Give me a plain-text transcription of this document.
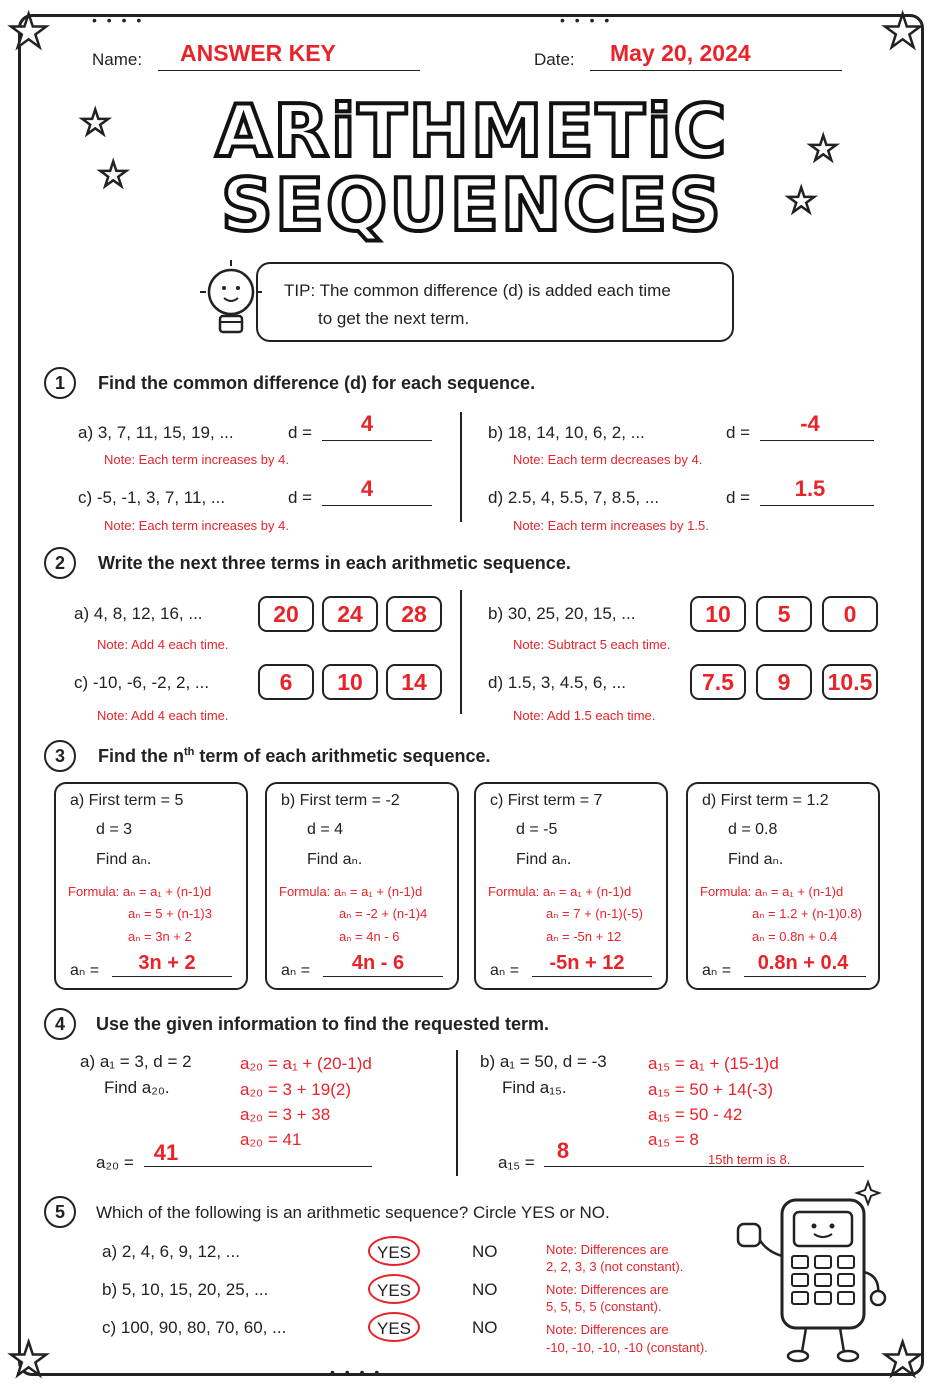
★	★
★	★
• • • •	• • • •
• • • •
Name: ANSWER KEY	Date: May 20, 2024
ARiTHMETiC
SEQUENCES
★
★
★
★
TIP: The common difference (d) is added each time
to get the next term.
1	Find the common difference (d) for each sequence.
a) 3, 7, 11, 15, 19, ...	d =	4
Note: Each term increases by 4.
b) 18, 14, 10, 6, 2, ...	d =	-4
Note: Each term decreases by 4.
c) -5, -1, 3, 7, 11, ...	d =	4
Note: Each term increases by 4.
d) 2.5, 4, 5.5, 7, 8.5, ...	d =	1.5
Note: Each term increases by 1.5.
2	Write the next three terms in each arithmetic sequence.
a) 4, 8, 12, 16, ...	20	24	28
Note: Add 4 each time.
b) 30, 25, 20, 15, ...	10	5	0
Note: Subtract 5 each time.
c) -10, -6, -2, 2, ...	6	10	14
Note: Add 4 each time.
d) 1.5, 3, 4.5, 6, ...	7.5	9	10.5
Note: Add 1.5 each time.
3	Find the $n^{th}$ term of each arithmetic sequence.
a) First term = 5
d = 3
Find aₙ.
Formula: aₙ = a₁ + (n-1)d
aₙ = 5 + (n-1)3
aₙ = 3n + 2
aₙ =	3n + 2
b) First term = -2
d = 4
Find aₙ.
Formula: aₙ = a₁ + (n-1)d
aₙ = -2 + (n-1)4
aₙ = 4n - 6
aₙ =	4n - 6
c) First term = 7
d = -5
Find aₙ.
Formula: aₙ = a₁ + (n-1)d
aₙ = 7 + (n-1)(-5)
aₙ = -5n + 12
aₙ =	-5n + 12
d) First term = 1.2
d = 0.8
Find aₙ.
Formula: aₙ = a₁ + (n-1)d
aₙ = 1.2 + (n-1)0.8)
aₙ = 0.8n + 0.4
aₙ =	0.8n + 0.4
4	Use the given information to find the requested term.
a) a₁ = 3, d = 2
Find a₂₀.
a₂₀ = a₁ + (20-1)d
a₂₀ = 3 + 19(2)
a₂₀ = 3 + 38
a₂₀ = 41
a₂₀ = 41
b) a₁ = 50, d = -3
Find a₁₅.
a₁₅ = a₁ + (15-1)d
a₁₅ = 50 + 14(-3)
a₁₅ = 50 - 42
a₁₅ = 8
15th term is 8.
a₁₅ =	8
5	Which of the following is an arithmetic sequence? Circle YES or NO.
a) 2, 4, 6, 9, 12, ...	YES	NO	Note: Differences are
2, 2, 3, 3 (not constant).
b) 5, 10, 15, 20, 25, ...	YES	NO	Note: Differences are
5, 5, 5, 5 (constant).
c) 100, 90, 80, 70, 60, ...	YES	NO	Note: Differences are
-10, -10, -10, -10 (constant).
